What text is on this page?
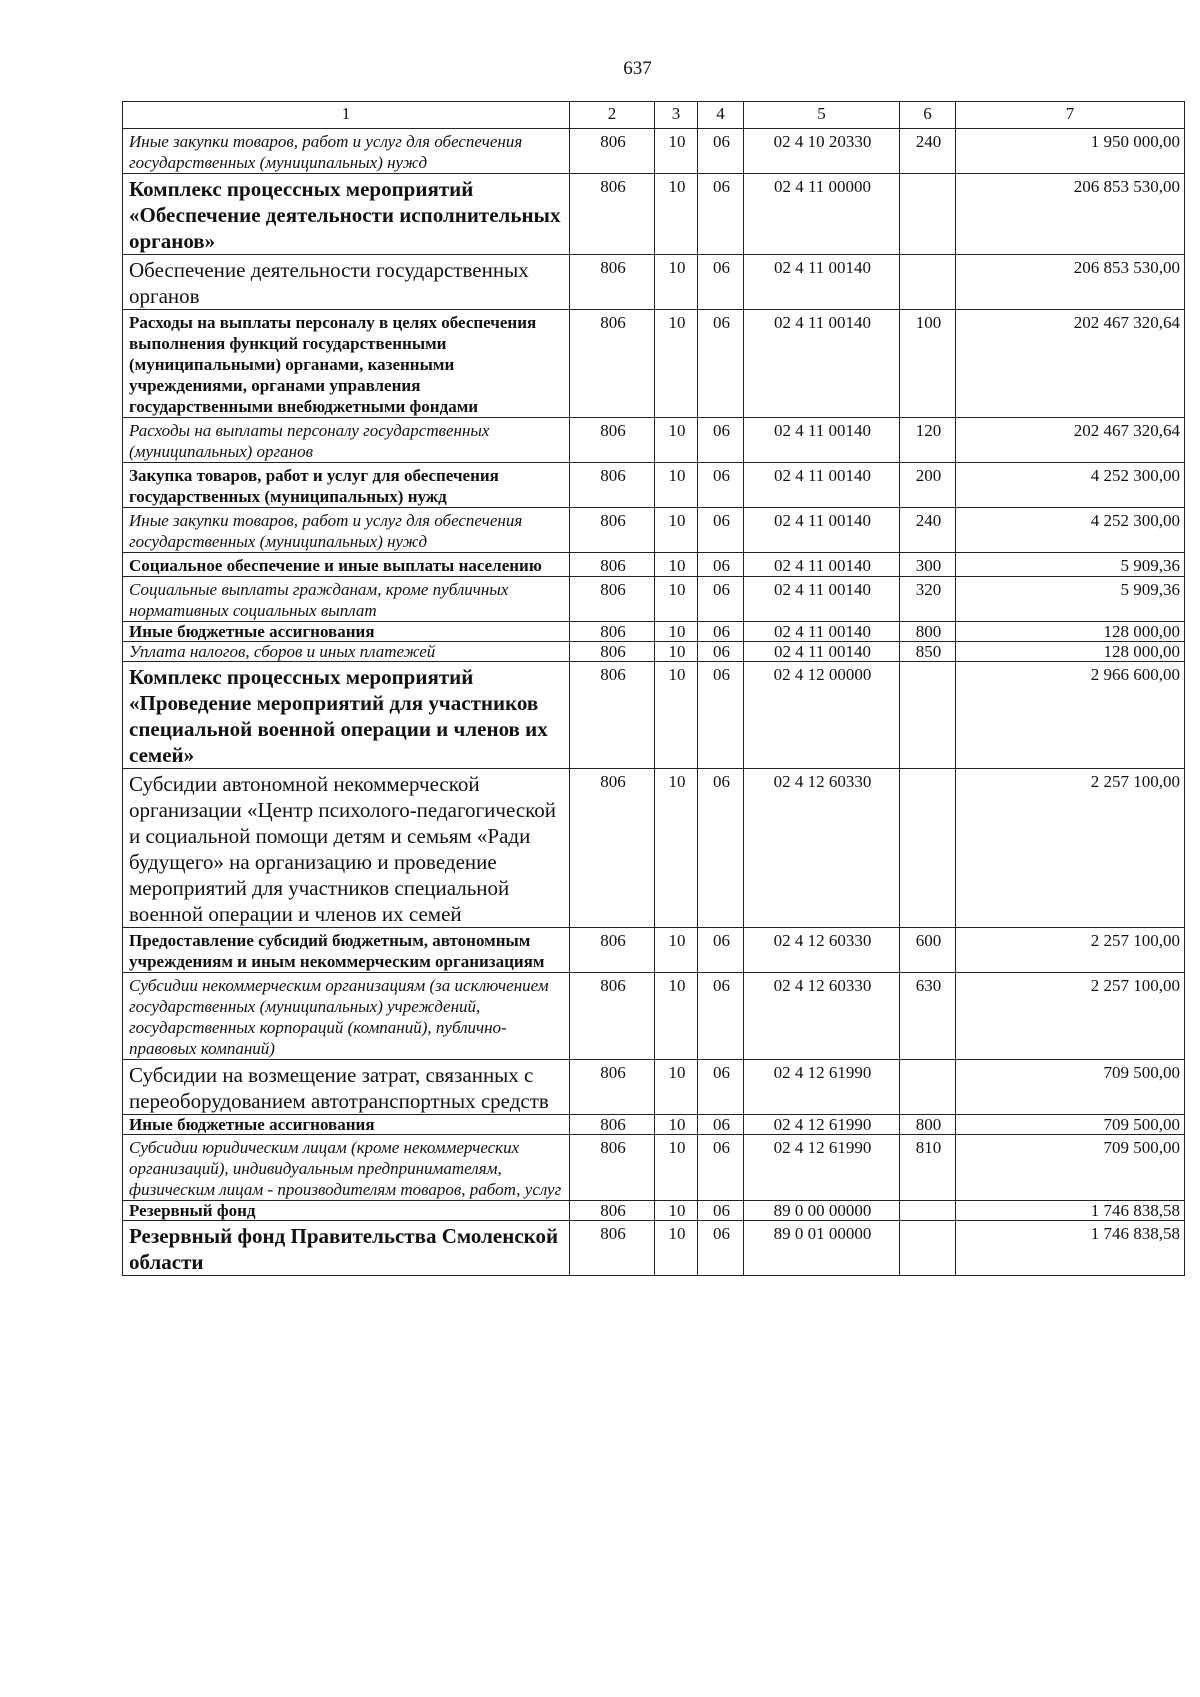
637
1	2	3	4	5	6	7
Иные закупки товаров, работ и услуг для обеспечения государственных (муниципальных) нужд	806	10	06	02 4 10 20330	240	1 950 000,00
Комплекс процессных мероприятий «Обеспечение деятельности исполнительных органов»	806	10	06	02 4 11 00000		206 853 530,00
Обеспечение деятельности государственных органов	806	10	06	02 4 11 00140		206 853 530,00
Расходы на выплаты персоналу в целях обеспечения выполнения функций государственными (муниципальными) органами, казенными учреждениями, органами управления государственными внебюджетными фондами	806	10	06	02 4 11 00140	100	202 467 320,64
Расходы на выплаты персоналу государственных (муниципальных) органов	806	10	06	02 4 11 00140	120	202 467 320,64
Закупка товаров, работ и услуг для обеспечения государственных (муниципальных) нужд	806	10	06	02 4 11 00140	200	4 252 300,00
Иные закупки товаров, работ и услуг для обеспечения государственных (муниципальных) нужд	806	10	06	02 4 11 00140	240	4 252 300,00
Социальное обеспечение и иные выплаты населению	806	10	06	02 4 11 00140	300	5 909,36
Социальные выплаты гражданам, кроме публичных нормативных социальных выплат	806	10	06	02 4 11 00140	320	5 909,36
Иные бюджетные ассигнования	806	10	06	02 4 11 00140	800	128 000,00
Уплата налогов, сборов и иных платежей	806	10	06	02 4 11 00140	850	128 000,00
Комплекс процессных мероприятий «Проведение мероприятий для участников специальной военной операции и членов их семей»	806	10	06	02 4 12 00000		2 966 600,00
Субсидии автономной некоммерческой организации «Центр психолого-педагогической и социальной помощи детям и семьям «Ради будущего» на организацию и проведение мероприятий для участников специальной военной операции и членов их семей	806	10	06	02 4 12 60330		2 257 100,00
Предоставление субсидий бюджетным, автономным учреждениям и иным некоммерческим организациям	806	10	06	02 4 12 60330	600	2 257 100,00
Субсидии некоммерческим организациям (за исключением государственных (муниципальных) учреждений, государственных корпораций (компаний), публично-правовых компаний)	806	10	06	02 4 12 60330	630	2 257 100,00
Субсидии на возмещение затрат, связанных с переоборудованием автотранспортных средств	806	10	06	02 4 12 61990		709 500,00
Иные бюджетные ассигнования	806	10	06	02 4 12 61990	800	709 500,00
Субсидии юридическим лицам (кроме некоммерческих организаций), индивидуальным предпринимателям, физическим лицам - производителям товаров, работ, услуг	806	10	06	02 4 12 61990	810	709 500,00
Резервный фонд	806	10	06	89 0 00 00000		1 746 838,58
Резервный фонд Правительства Смоленской области	806	10	06	89 0 01 00000		1 746 838,58
